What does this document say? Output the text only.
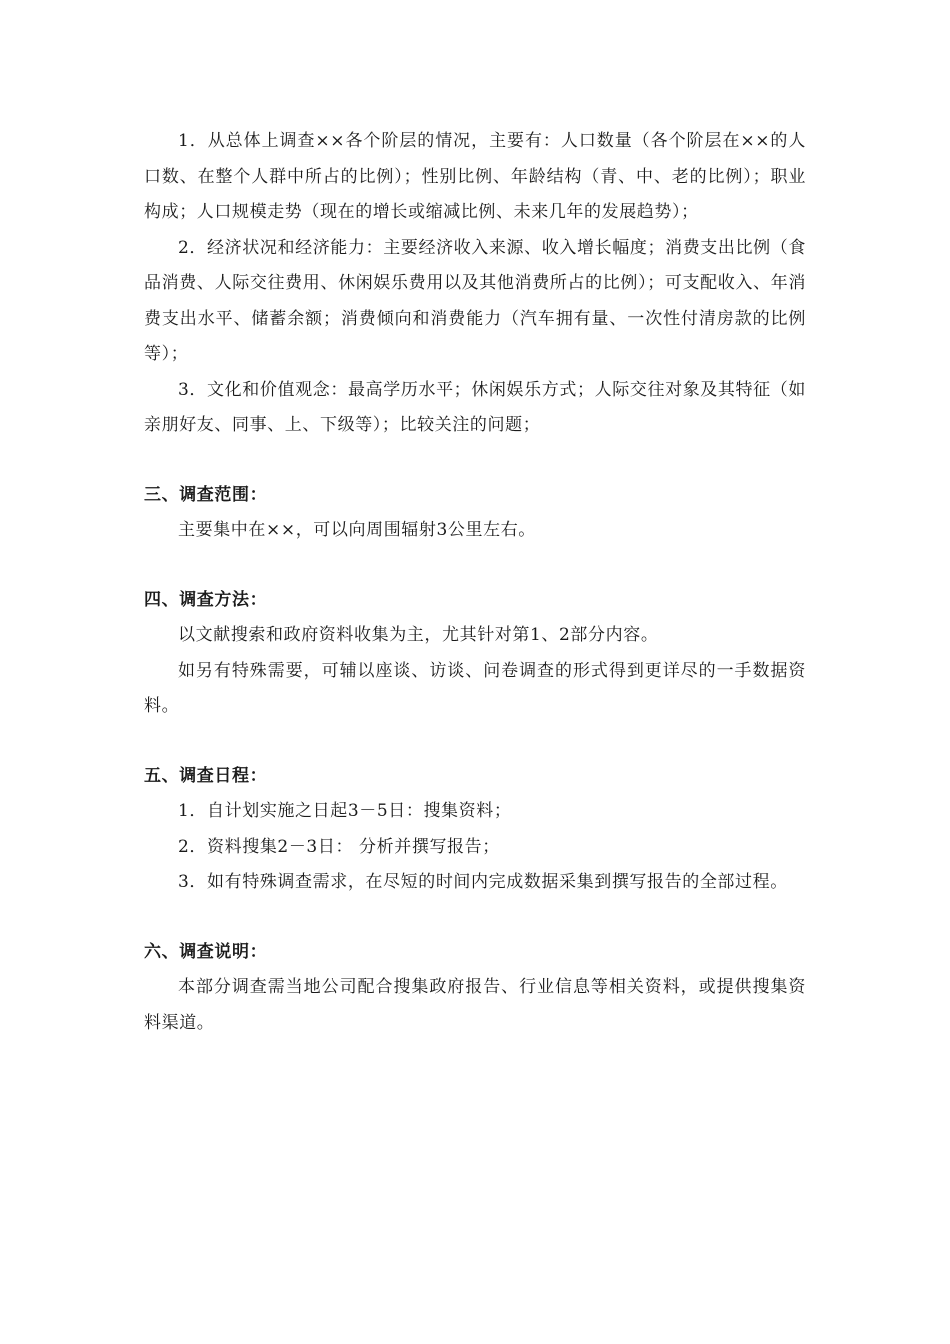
1．从总体上调查××各个阶层的情况，主要有：人口数量（各个阶层在××的人口数、在整个人群中所占的比例）；性别比例、年龄结构（青、中、老的比例）；职业构成；人口规模走势（现在的增长或缩减比例、未来几年的发展趋势）；

2．经济状况和经济能力：主要经济收入来源、收入增长幅度；消费支出比例（食品消费、人际交往费用、休闲娱乐费用以及其他消费所占的比例）；可支配收入、年消费支出水平、储蓄余额；消费倾向和消费能力（汽车拥有量、一次性付清房款的比例等）；

3．文化和价值观念：最高学历水平；休闲娱乐方式；人际交往对象及其特征（如亲朋好友、同事、上、下级等）；比较关注的问题；

三、调查范围：

主要集中在××，可以向周围辐射3公里左右。

四、调查方法：

以文献搜索和政府资料收集为主，尤其针对第1、2部分内容。

如另有特殊需要，可辅以座谈、访谈、问卷调查的形式得到更详尽的一手数据资料。

五、调查日程：

1．自计划实施之日起3－5日：搜集资料；

2．资料搜集2－3日： 分析并撰写报告；

3．如有特殊调查需求，在尽短的时间内完成数据采集到撰写报告的全部过程。

六、调查说明：

本部分调查需当地公司配合搜集政府报告、行业信息等相关资料，或提供搜集资料渠道。
